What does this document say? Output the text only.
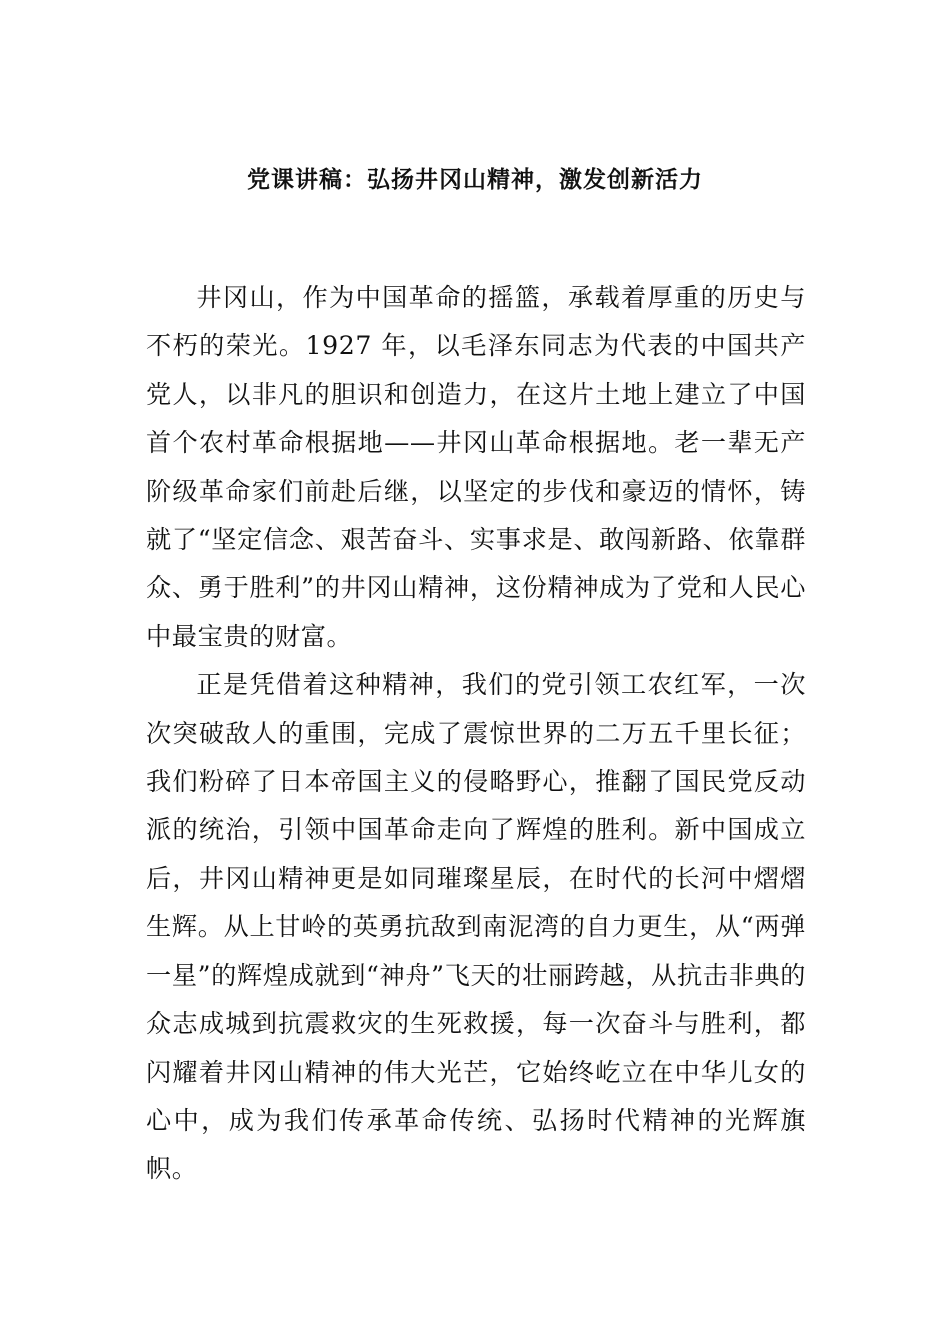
党课讲稿：弘扬井冈山精神，激发创新活力

井冈山，作为中国革命的摇篮，承载着厚重的历史与不朽的荣光。1927 年，以毛泽东同志为代表的中国共产党人，以非凡的胆识和创造力，在这片土地上建立了中国首个农村革命根据地——井冈山革命根据地。老一辈无产阶级革命家们前赴后继，以坚定的步伐和豪迈的情怀，铸就了“坚定信念、艰苦奋斗、实事求是、敢闯新路、依靠群众、勇于胜利”的井冈山精神，这份精神成为了党和人民心中最宝贵的财富。

正是凭借着这种精神，我们的党引领工农红军，一次次突破敌人的重围，完成了震惊世界的二万五千里长征；我们粉碎了日本帝国主义的侵略野心，推翻了国民党反动派的统治，引领中国革命走向了辉煌的胜利。新中国成立后，井冈山精神更是如同璀璨星辰，在时代的长河中熠熠生辉。从上甘岭的英勇抗敌到南泥湾的自力更生，从“两弹一星”的辉煌成就到“神舟”飞天的壮丽跨越，从抗击非典的众志成城到抗震救灾的生死救援，每一次奋斗与胜利，都闪耀着井冈山精神的伟大光芒，它始终屹立在中华儿女的心中，成为我们传承革命传统、弘扬时代精神的光辉旗帜。
